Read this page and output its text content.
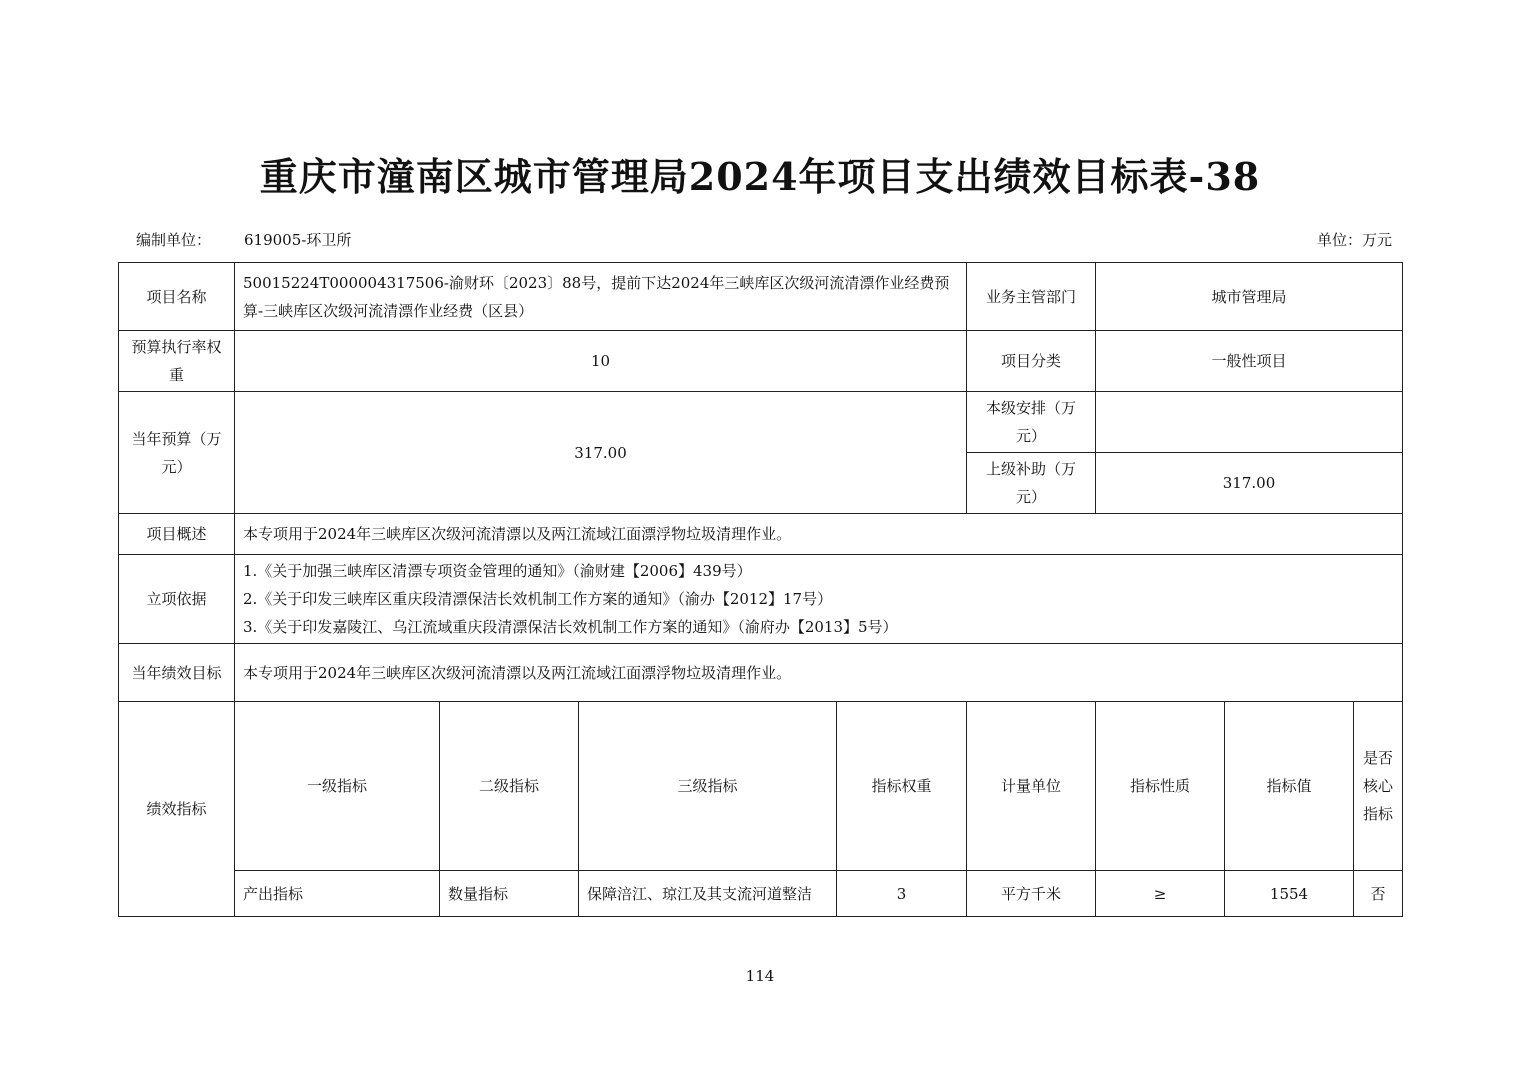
重庆市潼南区城市管理局2024年项目支出绩效目标表-38
编制单位： 619005-环卫所	单位：万元
项目名称	50015224T000004317506-渝财环〔2023〕88号，提前下达2024年三峡库区次级河流清漂作业经费预算-三峡库区次级河流清漂作业经费（区县）				业务主管部门	城市管理局		
预算执行率权重	10				项目分类	一般性项目		
当年预算（万元）	317.00				本级安排（万元）			
					上级补助（万元）	317.00		
项目概述	本专项用于2024年三峡库区次级河流清漂以及两江流域江面漂浮物垃圾清理作业。							
立项依据	1.《关于加强三峡库区清漂专项资金管理的通知》（渝财建【2006】439号）
2.《关于印发三峡库区重庆段清漂保洁长效机制工作方案的通知》（渝办【2012】17号）
3.《关于印发嘉陵江、乌江流域重庆段清漂保洁长效机制工作方案的通知》（渝府办【2013】5号）							

当年绩效目标	本专项用于2024年三峡库区次级河流清漂以及两江流域江面漂浮物垃圾清理作业。							
绩效指标	一级指标	二级指标	三级指标	指标权重	计量单位	指标性质	指标值	是否核心指标
	产出指标	数量指标	保障涪江、琼江及其支流河道整洁	3	平方千米	≥	1554	否
114
